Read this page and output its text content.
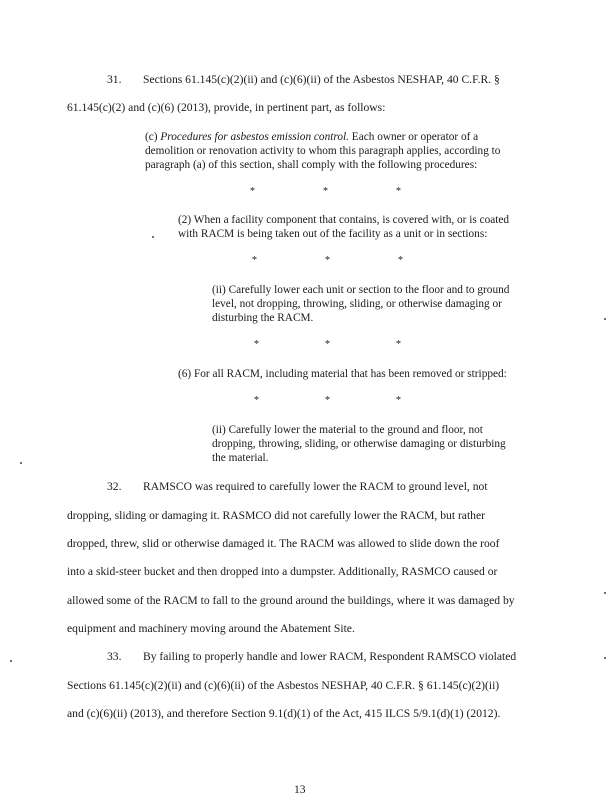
31. Sections 61.145(c)(2)(ii) and (c)(6)(ii) of the Asbestos NESHAP, 40 C.F.R. §
61.145(c)(2) and (c)(6) (2013), provide, in pertinent part, as follows:
(c) Procedures for asbestos emission control. Each owner or operator of a
demolition or renovation activity to whom this paragraph applies, according to
paragraph (a) of this section, shall comply with the following procedures:
*	*	*
(2) When a facility component that contains, is covered with, or is coated
with RACM is being taken out of the facility as a unit or in sections:
*	*	*
(ii) Carefully lower each unit or section to the floor and to ground
level, not dropping, throwing, sliding, or otherwise damaging or
disturbing the RACM.
*	*	*
(6) For all RACM, including material that has been removed or stripped:
*	*	*
(ii) Carefully lower the material to the ground and floor, not
dropping, throwing, sliding, or otherwise damaging or disturbing
the material.
32. RAMSCO was required to carefully lower the RACM to ground level, not
dropping, sliding or damaging it. RASMCO did not carefully lower the RACM, but rather
dropped, threw, slid or otherwise damaged it. The RACM was allowed to slide down the roof
into a skid-steer bucket and then dropped into a dumpster. Additionally, RASMCO caused or
allowed some of the RACM to fall to the ground around the buildings, where it was damaged by
equipment and machinery moving around the Abatement Site.
33. By failing to properly handle and lower RACM, Respondent RAMSCO violated
Sections 61.145(c)(2)(ii) and (c)(6)(ii) of the Asbestos NESHAP, 40 C.F.R. § 61.145(c)(2)(ii)
and (c)(6)(ii) (2013), and therefore Section 9.1(d)(1) of the Act, 415 ILCS 5/9.1(d)(1) (2012).
13
